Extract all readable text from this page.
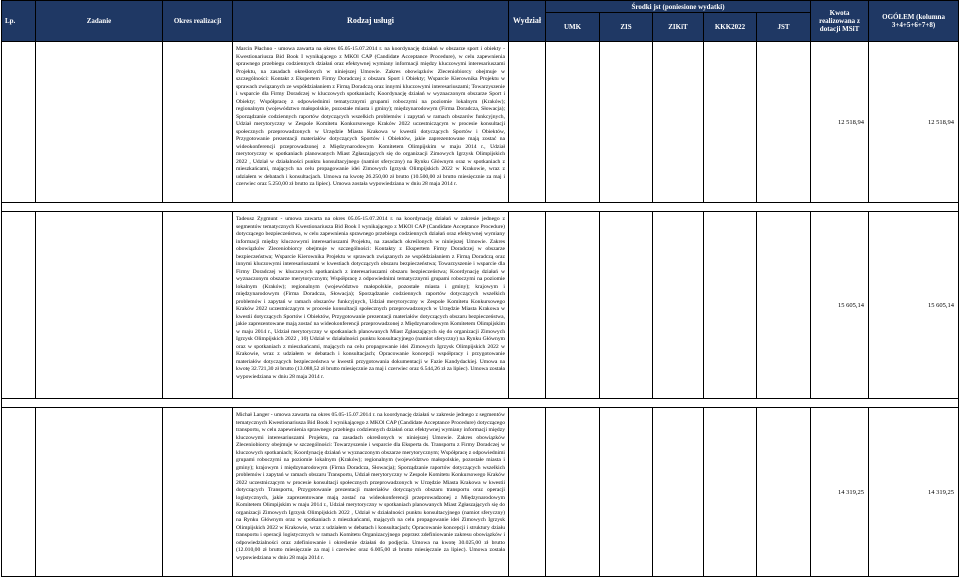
Lp.	Zadanie	Okres realizacji	Rodzaj usługi	Wydział	Środki jst (poniesione wydatki)					Kwota realizowana z dotacji MSiT	OGÓŁEM (kolumna 3+4+5+6+7+8)
					UMK	ZIS	ZIKiT	KKK2022	JST		
			Marcin Płachno - umowa zawarta na okres 05.05-15.07.2014 r. na koordynację działań w obszarze sport i obiekty - Kwestionariusza Bid Book I wynikającego z MKOl CAP (Candidate Acceptance Procedure), w celu zapewnienia sprawnego przebiegu codziennych działań oraz efektywnej wymiany informacji między kluczowymi interesariuszami Projektu, na zasadach określonych w niniejszej Umowie. Zakres obowiązków Zleceniobiorcy obejmuje w szczególności: Kontakt z Ekspertem Firmy Doradczej z obszaru Sport i Obiekty; Wsparcie Kierownika Projektu w sprawach związanych ze współdziałaniem z Firmą Doradczą oraz innymi kluczowymi interesariuszami; Towarzyszenie i wsparcie dla Firmy Doradczej w kluczowych spotkaniach; Koordynację działań w wyznaczonym obszarze Sport i Obiekty; Współpracę z odpowiednimi tematycznymi grupami roboczymi na poziomie lokalnym (Kraków); regionalnym (województwo małopolskie, pozostałe miasta i gminy); międzynarodowym (Firma Doradcza, Słowacja); Sporządzanie codziennych raportów dotyczących wszelkich problemów i zapytań w ramach obszarów funkcyjnych, Udział merytoryczny w Zespole Komitetu Konkursowego Kraków 2022 uczestniczącym w procesie konsultacji społecznych przeprowadzonych w Urzędzie Miasta Krakowa w kwestii dotyczących Sportów i Obiektów, Przygotowanie prezentacji materiałów dotyczących Sportów i Obiektów, jakie zaprezentowane mają zostać na wideokonferencji przeprowadzonej z Międzynarodowym Komitetem Olimpijskim w maju 2014 r., Udział merytoryczny w spotkaniach planowanych Miast Zgłaszających się do organizacji Zimowych Igrzysk Olimpijskich 2022 , Udział w działalności punktu konsultacyjnego (namiot sferyczny) na Rynku Głównym oraz w spotkaniach z mieszkańcami, mających na celu propagowanie idei Zimowych Igrzysk Olimpijskich 2022 w Krakowie, wraz z udziałem w debatach i konsultacjach. Umowa na kwotę 26.250,00 zł brutto (10.500,00 zł brutto miesięcznie za maj i czerwiec oraz 5.250,00 zł brutto za lipiec). Umowa została wypowiedziana w dniu 28 maja 2014 r.							12 518,94	12 518,94

			Tadeusz Zygmunt - umowa zawarta na okres 05.05-15.07.2014 r. na koordynację działań w zakresie jednego z segmentów tematycznych Kwestionariusza Bid Book I wynikającego z MKOl CAP (Candidate Acceptance Procedure) dotyczącego bezpieczeństwa, w celu zapewnienia sprawnego przebiegu codziennych działań oraz efektywnej wymiany informacji między kluczowymi interesariuszami Projektu, na zasadach określonych w niniejszej Umowie. Zakres obowiązków Zleceniobiorcy obejmuje w szczególności: Kontakty z Ekspertem Firmy Doradczej w obszarze bezpieczeństwa; Wsparcie Kierownika Projektu w sprawach związanych ze współdziałaniem z Firmą Doradczą oraz innymi kluczowymi interesariuszami w kwestiach dotyczących obszaru bezpieczeństwa; Towarzyszenie i wsparcie dla Firmy Doradczej w kluczowych spotkaniach z interesariuszami obszaru bezpieczeństwa; Koordynację działań w wyznaczonym obszarze merytorycznym; Współpracę z odpowiednimi tematycznymi grupami roboczymi na poziomie lokalnym (Kraków); regionalnym (województwo małopolskie, pozostałe miasta i gminy); krajowym i międzynarodowym (Firma Doradcza, Słowacja); Sporządzanie codziennych raportów dotyczących wszelkich problemów i zapytań w ramach obszarów funkcyjnych, Udział merytoryczny w Zespole Komitetu Konkursowego Kraków 2022 uczestniczącym w procesie konsultacji społecznych przeprowadzonych w Urzędzie Miasta Krakowa w kwestii dotyczących Sportów i Obiektów, Przygotowanie prezentacji materiałów dotyczących obszaru bezpieczeństwa, jakie zaprezentowane mają zostać na wideokonferencji przeprowadzonej z Międzynarodowym Komitetem Olimpijskim w maju 2014 r., Udział merytoryczny w spotkaniach planowanych Miast Zgłaszających się do organizacji Zimowych Igrzysk Olimpijskich 2022 , 10) Udział w działalności punktu konsultacyjnego (namiot sferyczny) na Rynku Głównym oraz w spotkaniach z mieszkańcami, mających na celu propagowanie idei Zimowych Igrzysk Olimpijskich 2022 w Krakowie, wraz z udziałem w debatach i konsultacjach; Opracowanie koncepcji współpracy i przygotowanie materiałów dotyczących bezpieczeństwa w kwestii przygotowania dokumentacji w Fazie Kandydackiej. Umowa na kwotę 32.721,30 zł brutto (13.088,52 zł brutto miesięcznie za maj i czerwiec oraz 6.544,26 zł za lipiec). Umowa została wypowiedziana w dniu 28 maja 2014 r.							15 605,14	15 605,14

			Michał Langer - umowa zawarta na okres 05.05-15.07.2014 r. na koordynację działań w zakresie jednego z segmentów tematycznych Kwestionariusza Bid Book I wynikającego z MKOl CAP (Candidate Acceptance Procedure) dotyczącego transportu, w celu zapewnienia sprawnego przebiegu codziennych działań oraz efektywnej wymiany informacji między kluczowymi interesariuszami Projektu, na zasadach określonych w niniejszej Umowie. Zakres obowiązków Zleceniobiorcy obejmuje w szczególności: Towarzyszenie i wsparcie dla Eksperta ds. Transportu z Firmy Doradczej w kluczowych spotkaniach; Koordynację działań w wyznaczonym obszarze merytorycznym; Współpracę z odpowiednimi grupami roboczymi na poziomie lokalnym (Kraków); regionalnym (województwo małopolskie, pozostałe miasta i gminy); krajowym i międzynarodowym (Firma Doradcza, Słowacja); Sporządzanie raportów dotyczących wszelkich problemów i zapytań w ramach obszaru Transportu, Udział merytoryczny w Zespole Komitetu Konkursowego Kraków 2022 uczestniczącym w procesie konsultacji społecznych przeprowadzonych w Urzędzie Miasta Krakowa w kwestii dotyczących Transportu, Przygotowanie prezentacji materiałów dotyczących obszaru transportu oraz operacji logistycznych, jakie zaprezentowane mają zostać na wideokonferencji przeprowadzonej z Międzynarodowym Komitetem Olimpijskim w maju 2014 r., Udział merytoryczny w spotkaniach planowanych Miast Zgłaszających się do organizacji Zimowych Igrzysk Olimpijskich 2022 , Udział w działalności punktu konsultacyjnego (namiot sferyczny) na Rynku Głównym oraz w spotkaniach z mieszkańcami, mających na celu propagowanie idei Zimowych Igrzysk Olimpijskich 2022 w Krakowie, wraz z udziałem w debatach i konsultacjach; Opracowanie koncepcji i struktury działu transportu i operacji logistycznych w ramach Komitetu Organizacyjnego poprzez zdefiniowanie zakresu obowiązków i odpowiedzialności oraz zdefiniowanie i określenie działań do podjęcia. Umowa na kwotę 30.025,00 zł brutto (12.010,00 zł brutto miesięcznie za maj i czerwiec oraz 6.005,00 zł brutto miesięcznie za lipiec). Umowa została wypowiedziana w dniu 28 maja 2014 r.							14 319,25	14 319,25
